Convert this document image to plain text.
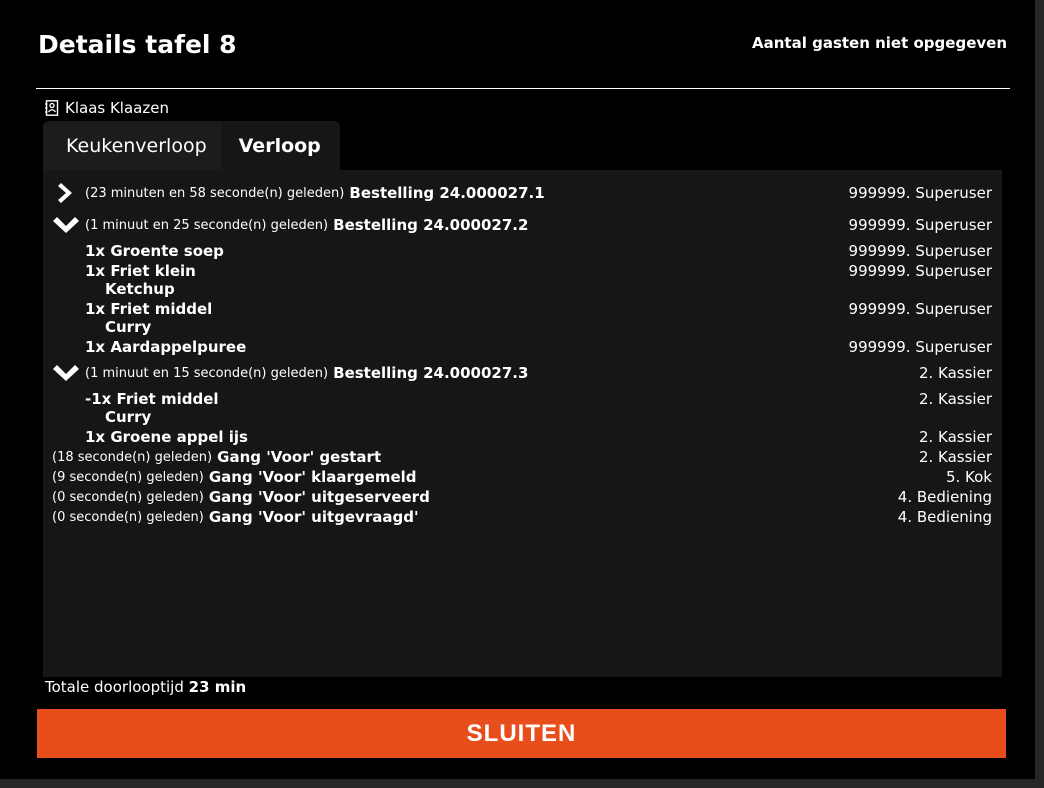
Details tafel 8	Aantal gasten niet opgegeven
Klaas Klaazen
Keukenverloop	Verloop
(23 minuten en 58 seconde(n) geleden)
Bestelling 24.000027.1	999999. Superuser
(1 minuut en 25 seconde(n) geleden)
Bestelling 24.000027.2	999999. Superuser
1x Groente soep	999999. Superuser
1x Friet klein	999999. Superuser
Ketchup
1x Friet middel	999999. Superuser
Curry
1x Aardappelpuree	999999. Superuser
(1 minuut en 15 seconde(n) geleden)
Bestelling 24.000027.3	2. Kassier
-1x Friet middel	2. Kassier
Curry
1x Groene appel ijs	2. Kassier
(18 seconde(n) geleden)
Gang 'Voor' gestart	2. Kassier
(9 seconde(n) geleden)
Gang 'Voor' klaargemeld	5. Kok
(0 seconde(n) geleden)
Gang 'Voor' uitgeserveerd	4. Bediening
(0 seconde(n) geleden)
Gang 'Voor' uitgevraagd'	4. Bediening
Totale doorlooptijd 23 min
SLUITEN
